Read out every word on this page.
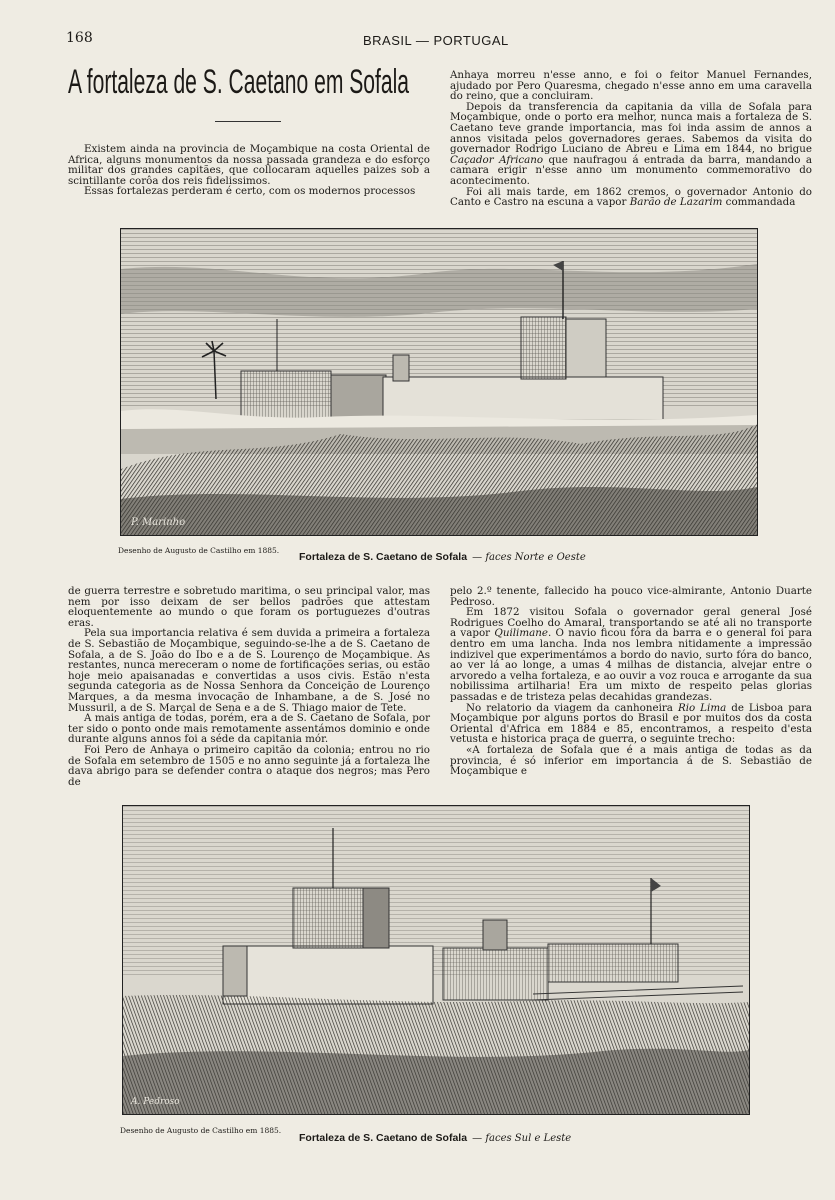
168	BRASIL — PORTUGAL
A fortaleza de S. Caetano em Sofala

Existem ainda na provincia de Moçambique na costa Oriental de Africa, alguns monumentos da nossa passada grandeza e do esforço militar dos grandes capitães, que collocaram aquelles paizes sob a scintillante corôa dos reis fidelissimos.

Essas fortalezas perderam é certo, com os modernos processos

Anhaya morreu n'esse anno, e foi o feitor Manuel Fernandes, ajudado por Pero Quaresma, chegado n'esse anno em uma caravella do reino, que a concluiram.

Depois da transferencia da capitania da villa de Sofala para Moçambique, onde o porto era melhor, nunca mais a fortaleza de S. Caetano teve grande importancia, mas foi inda assim de annos a annos visitada pelos governadores geraes. Sabemos da visita do governador Rodrigo Luciano de Abreu e Lima em 1844, no brigue Caçador Africano que naufragou á entrada da barra, mandando a camara erigir n'esse anno um monumento commemorativo do acontecimento.

Foi ali mais tarde, em 1862 cremos, o governador Antonio do Canto e Castro na escuna a vapor Barão de Lazarim commandada

P. Marinho
Desenho de Augusto de Castilho em 1885.
Fortaleza de S. Caetano de Sofala — faces Norte e Oeste

de guerra terrestre e sobretudo maritima, o seu principal valor, mas nem por isso deixam de ser bellos padrões que attestam eloquentemente ao mundo o que foram os portuguezes d'outras eras.

Pela sua importancia relativa é sem duvida a primeira a fortaleza de S. Sebastião de Moçambique, seguindo-se-lhe a de S. Caetano de Sofala, a de S. João do Ibo e a de S. Lourenço de Moçambique. As restantes, nunca mereceram o nome de fortificações serias, ou estão hoje meio apaisanadas e convertidas a usos civis. Estão n'esta segunda categoria as de Nossa Senhora da Conceição de Lourenço Marques, a da mesma invocação de Inhambane, a de S. José no Mussuril, a de S. Marçal de Sena e a de S. Thiago maior de Tete.

A mais antiga de todas, porém, era a de S. Caetano de Sofala, por ter sido o ponto onde mais remotamente assentámos dominio e onde durante alguns annos foi a séde da capitania mór.

Foi Pero de Anhaya o primeiro capitão da colonia; entrou no rio de Sofala em setembro de 1505 e no anno seguinte já a fortaleza lhe dava abrigo para se defender contra o ataque dos negros; mas Pero de

pelo 2.º tenente, fallecido ha pouco vice-almirante, Antonio Duarte Pedroso.

Em 1872 visitou Sofala o governador geral general José Rodrigues Coelho do Amaral, transportando se até ali no transporte a vapor Quilimane. O navio ficou fóra da barra e o general foi para dentro em uma lancha. Inda nos lembra nitidamente a impressão indizivel que experimentámos a bordo do navio, surto fóra do banco, ao ver lá ao longe, a umas 4 milhas de distancia, alvejar entre o arvoredo a velha fortaleza, e ao ouvir a voz rouca e arrogante da sua nobilissima artilharia! Era um mixto de respeito pelas glorias passadas e de tristeza pelas decahidas grandezas.

No relatorio da viagem da canhoneira Rio Lima de Lisboa para Moçambique por alguns portos do Brasil e por muitos dos da costa Oriental d'Africa em 1884 e 85, encontramos, a respeito d'esta vetusta e historica praça de guerra, o seguinte trecho:

«A fortaleza de Sofala que é a mais antiga de todas as da provincia, é só inferior em importancia á de S. Sebastião de Moçambique e

A. Pedroso
Desenho de Augusto de Castilho em 1885.
Fortaleza de S. Caetano de Sofala — faces Sul e Leste
